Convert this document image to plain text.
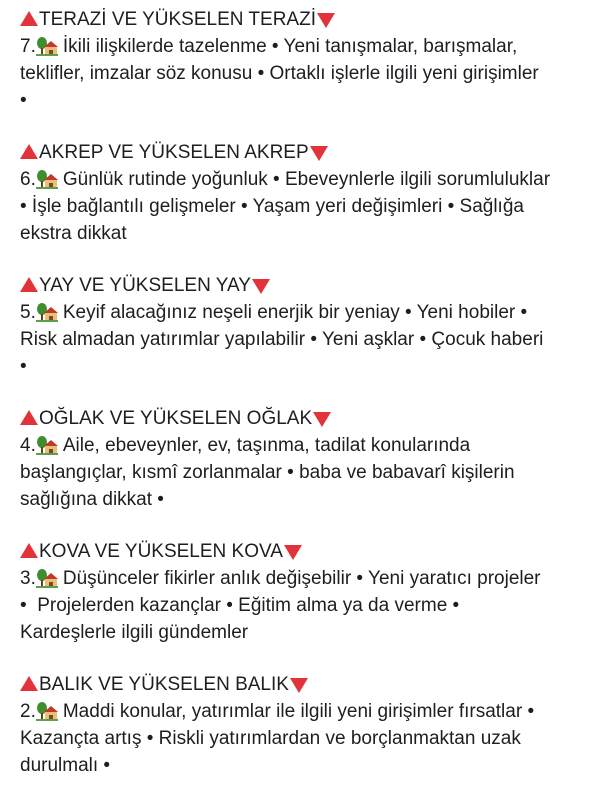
TERAZİ VE YÜKSELEN TERAZİ
7. İkili ilişkilerde tazelenme • Yeni tanışmalar, barışmalar,
teklifler, imzalar söz konusu • Ortaklı işlerle ilgili yeni girişimler
•
AKREP VE YÜKSELEN AKREP
6. Günlük rutinde yoğunluk • Ebeveynlerle ilgili sorumluluklar
• İşle bağlantılı gelişmeler • Yaşam yeri değişimleri • Sağlığa
ekstra dikkat
YAY VE YÜKSELEN YAY
5. Keyif alacağınız neşeli enerjik bir yeniay • Yeni hobiler •
Risk almadan yatırımlar yapılabilir • Yeni aşklar • Çocuk haberi
•
OĞLAK VE YÜKSELEN OĞLAK
4. Aile, ebeveynler, ev, taşınma, tadilat konularında
başlangıçlar, kısmî zorlanmalar • baba ve babavarî kişilerin
sağlığına dikkat •
KOVA VE YÜKSELEN KOVA
3. Düşünceler fikirler anlık değişebilir • Yeni yaratıcı projeler
•  Projelerden kazançlar • Eğitim alma ya da verme •
Kardeşlerle ilgili gündemler
BALIK VE YÜKSELEN BALIK
2. Maddi konular, yatırımlar ile ilgili yeni girişimler fırsatlar •
Kazançta artış • Riskli yatırımlardan ve borçlanmaktan uzak
durulmalı •
